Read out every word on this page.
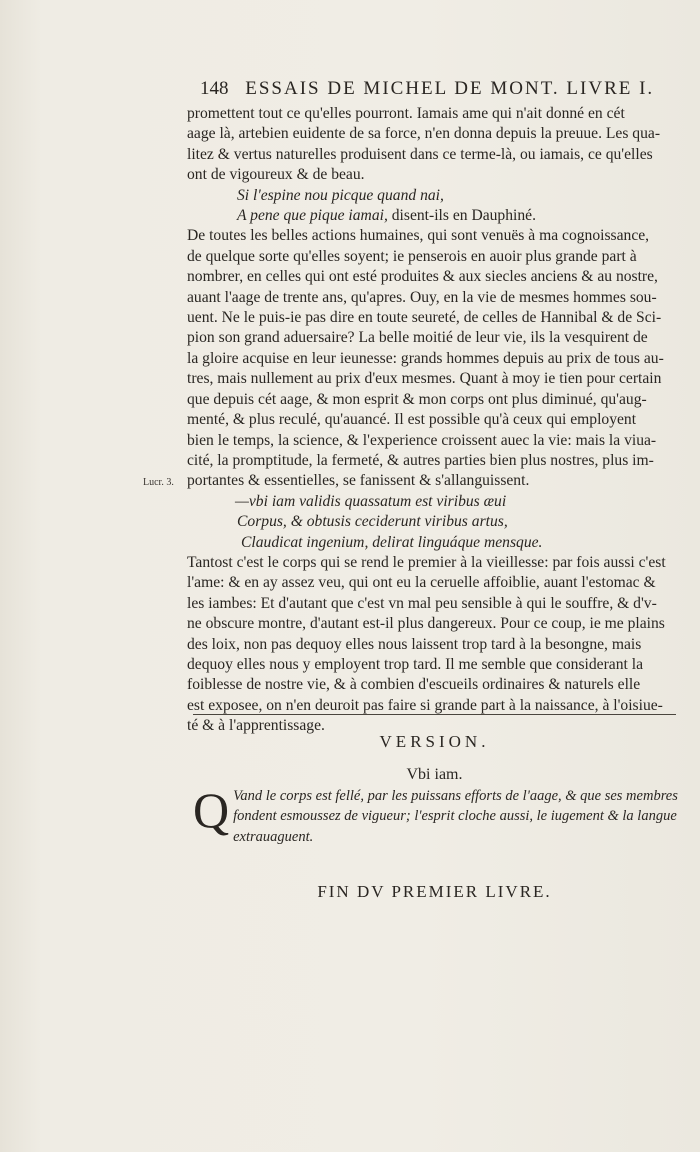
148 ESSAIS DE MICHEL DE MONT. LIVRE I.
promettent tout ce qu'elles pourront. Iamais ame qui n'ait donné en cét
aage là, artebien euidente de sa force, n'en donna depuis la preuue. Les qua-
litez & vertus naturelles produisent dans ce terme-là, ou iamais, ce qu'elles
ont de vigoureux & de beau.
Si l'espine nou picque quand nai,
A pene que pique iamai, disent-ils en Dauphiné.
De toutes les belles actions humaines, qui sont venuës à ma cognoissance,
de quelque sorte qu'elles soyent; ie penserois en auoir plus grande part à
nombrer, en celles qui ont esté produites & aux siecles anciens & au nostre,
auant l'aage de trente ans, qu'apres. Ouy, en la vie de mesmes hommes sou-
uent. Ne le puis-ie pas dire en toute seureté, de celles de Hannibal & de Sci-
pion son grand aduersaire? La belle moitié de leur vie, ils la vesquirent de
la gloire acquise en leur ieunesse: grands hommes depuis au prix de tous au-
tres, mais nullement au prix d'eux mesmes. Quant à moy ie tien pour certain
que depuis cét aage, & mon esprit & mon corps ont plus diminué, qu'aug-
menté, & plus reculé, qu'auancé. Il est possible qu'à ceux qui employent
bien le temps, la science, & l'experience croissent auec la vie: mais la viua-
cité, la promptitude, la fermeté, & autres parties bien plus nostres, plus im-
portantes & essentielles, se fanissent & s'allanguissent.
—vbi iam validis quassatum est viribus æui
Corpus, & obtusis ceciderunt viribus artus,
Claudicat ingenium, delirat linguáque mensque.
Tantost c'est le corps qui se rend le premier à la vieillesse: par fois aussi c'est
l'ame: & en ay assez veu, qui ont eu la ceruelle affoiblie, auant l'estomac &
les iambes: Et d'autant que c'est vn mal peu sensible à qui le souffre, & d'v-
ne obscure montre, d'autant est-il plus dangereux. Pour ce coup, ie me plains
des loix, non pas dequoy elles nous laissent trop tard à la besongne, mais
dequoy elles nous y employent trop tard. Il me semble que considerant la
foiblesse de nostre vie, & à combien d'escueils ordinaires & naturels elle
est exposee, on n'en deuroit pas faire si grande part à la naissance, à l'oisiue-
té & à l'apprentissage.
Lucr. 3.
VERSION.
Vbi iam.
Q Vand le corps est fellé, par les puissans efforts de l'aage, & que ses membres fondent esmoussez de vigueur; l'esprit cloche aussi, le iugement & la langue extrauaguent.
FIN DV PREMIER LIVRE.
